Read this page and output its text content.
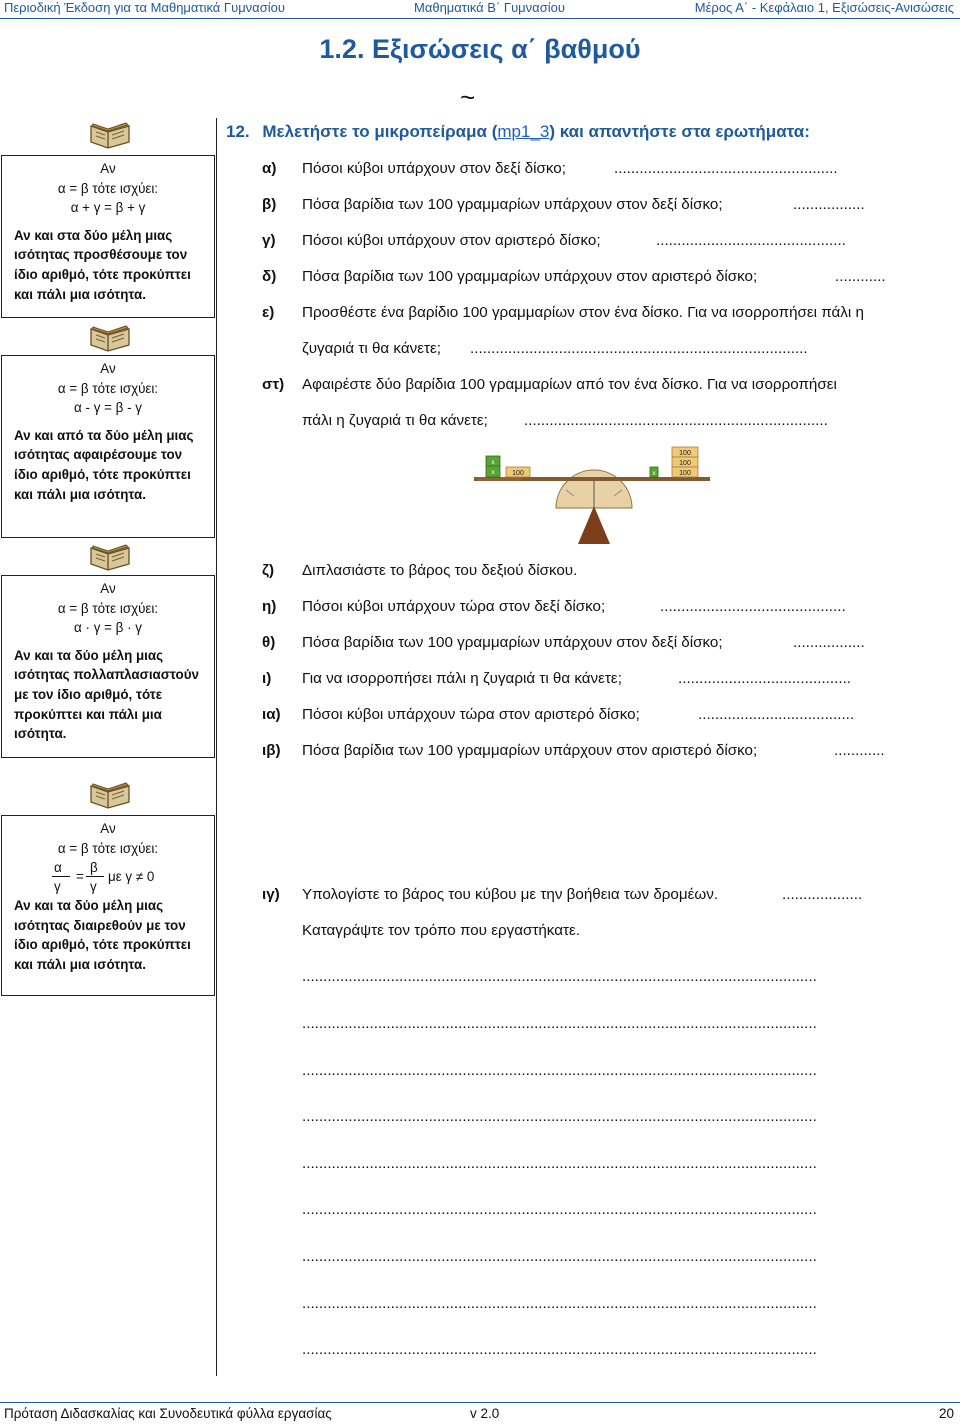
Περιοδική Έκδοση για τα Μαθηματικά Γυμνασίου	Μαθηματικά Β΄ Γυμνασίου	Μέρος Α΄ - Κεφάλαιο 1, Εξισώσεις-Ανισώσεις
1.2. Εξισώσεις α΄ βαθμού
~
Αν
α = β τότε ισχύει:
α + γ = β + γ
Αν και στα δύο μέλη μιας ισότητας προσθέσουμε τον ίδιο αριθμό, τότε προκύπτει και πάλι μια ισότητα.
Αν
α = β τότε ισχύει:
α - γ = β - γ
Αν και από τα δύο μέλη μιας ισότητας αφαιρέσουμε τον ίδιο αριθμό, τότε προκύπτει και πάλι μια ισότητα.
Αν
α = β τότε ισχύει:
α · γ = β · γ
Αν και τα δύο μέλη μιας ισότητας πολλαπλασιαστούν με τον ίδιο αριθμό, τότε προκύπτει και πάλι μια ισότητα.
Αν
α = β τότε ισχύει:
α
=
β
γ γ
με γ ≠ 0
Αν και τα δύο μέλη μιας ισότητας διαιρεθούν με τον ίδιο αριθμό, τότε προκύπτει και πάλι μια ισότητα.
12. Μελετήστε το μικροπείραμα (mp1_3) και απαντήστε στα ερωτήματα:
α) Πόσοι κύβοι υπάρχουν στον δεξί δίσκο;
β) Πόσα βαρίδια των 100 γραμμαρίων υπάρχουν στον δεξί δίσκο;
γ) Πόσοι κύβοι υπάρχουν στον αριστερό δίσκο;
δ) Πόσα βαρίδια των 100 γραμμαρίων υπάρχουν στον αριστερό δίσκο;
ε) Προσθέστε ένα βαρίδιο 100 γραμμαρίων στον ένα δίσκο. Για να ισορροπήσει πάλι η
ζυγαριά τι θα κάνετε;
στ) Αφαιρέστε δύο βαρίδια 100 γραμμαρίων από τον ένα δίσκο. Για να ισορροπήσει
πάλι η ζυγαριά τι θα κάνετε;
.....................................................
.................
.............................................
............
................................................................................
........................................................................
x
x	100	x
100
100
100
ζ) Διπλασιάστε το βάρος του δεξιού δίσκου.
η) Πόσοι κύβοι υπάρχουν τώρα στον δεξί δίσκο;
θ) Πόσα βαρίδια των 100 γραμμαρίων υπάρχουν στον δεξί δίσκο;
ι) Για να ισορροπήσει πάλι η ζυγαριά τι θα κάνετε;
ια) Πόσοι κύβοι υπάρχουν τώρα στον αριστερό δίσκο;
ιβ) Πόσα βαρίδια των 100 γραμμαρίων υπάρχουν στον αριστερό δίσκο;
............................................
.................
.........................................
.....................................
............
ιγ) Υπολογίστε το βάρος του κύβου με την βοήθεια των δρομέων.
Καταγράψτε τον τρόπο που εργαστήκατε.
...................
..........................................................................................................................
..........................................................................................................................
..........................................................................................................................
..........................................................................................................................
..........................................................................................................................
..........................................................................................................................
..........................................................................................................................
..........................................................................................................................
..........................................................................................................................
Πρόταση Διδασκαλίας και Συνοδευτικά φύλλα εργασίας	v 2.0	20
